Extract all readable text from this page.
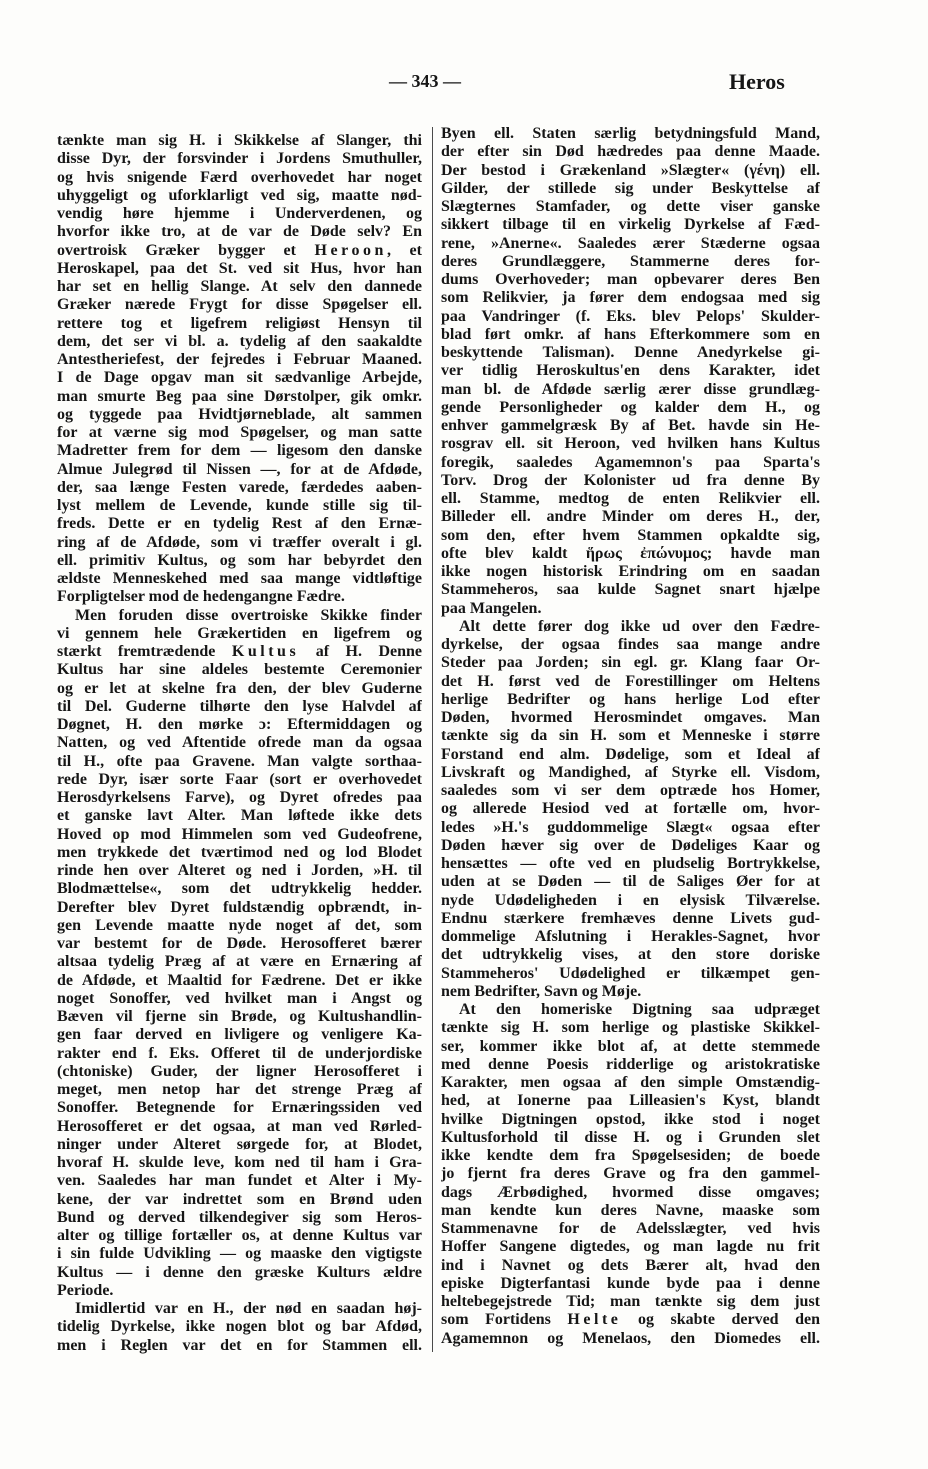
— 343 —	Heros
tænkte man sig H. i Skikkelse af Slanger, thi
disse Dyr, der forsvinder i Jordens Smuthuller,
og hvis snigende Færd overhovedet har noget
uhyggeligt og uforklarligt ved sig, maatte nød-
vendig høre hjemme i Underverdenen, og
hvorfor ikke tro, at de var de Døde selv? En
overtroisk Græker bygger et Heroon, et
Heroskapel, paa det St. ved sit Hus, hvor han
har set en hellig Slange. At selv den dannede
Græker nærede Frygt for disse Spøgelser ell.
rettere tog et ligefrem religiøst Hensyn til
dem, det ser vi bl. a. tydelig af den saakaldte
Antestheriefest, der fejredes i Februar Maaned.
I de Dage opgav man sit sædvanlige Arbejde,
man smurte Beg paa sine Dørstolper, gik omkr.
og tyggede paa Hvidtjørneblade, alt sammen
for at værne sig mod Spøgelser, og man satte
Madretter frem for dem — ligesom den danske
Almue Julegrød til Nissen —, for at de Afdøde,
der, saa længe Festen varede, færdedes aaben-
lyst mellem de Levende, kunde stille sig til-
freds. Dette er en tydelig Rest af den Ernæ-
ring af de Afdøde, som vi træffer overalt i gl.
ell. primitiv Kultus, og som har bebyrdet den
ældste Menneskehed med saa mange vidtløftige
Forpligtelser mod de hedengangne Fædre.
Men foruden disse overtroiske Skikke finder
vi gennem hele Grækertiden en ligefrem og
stærkt fremtrædende Kultus af H. Denne
Kultus har sine aldeles bestemte Ceremonier
og er let at skelne fra den, der blev Guderne
til Del. Guderne tilhørte den lyse Halvdel af
Døgnet, H. den mørke ɔ: Eftermiddagen og
Natten, og ved Aftentide ofrede man da ogsaa
til H., ofte paa Gravene. Man valgte sorthaa-
rede Dyr, især sorte Faar (sort er overhovedet
Herosdyrkelsens Farve), og Dyret ofredes paa
et ganske lavt Alter. Man løftede ikke dets
Hoved op mod Himmelen som ved Gudeofrene,
men trykkede det tværtimod ned og lod Blodet
rinde hen over Alteret og ned i Jorden, »H. til
Blodmættelse«, som det udtrykkelig hedder.
Derefter blev Dyret fuldstændig opbrændt, in-
gen Levende maatte nyde noget af det, som
var bestemt for de Døde. Herosofferet bærer
altsaa tydelig Præg af at være en Ernæring af
de Afdøde, et Maaltid for Fædrene. Det er ikke
noget Sonoffer, ved hvilket man i Angst og
Bæven vil fjerne sin Brøde, og Kultushandlin-
gen faar derved en livligere og venligere Ka-
rakter end f. Eks. Offeret til de underjordiske
(chtoniske) Guder, der ligner Herosofferet i
meget, men netop har det strenge Præg af
Sonoffer. Betegnende for Ernæringssiden ved
Herosofferet er det ogsaa, at man ved Rørled-
ninger under Alteret sørgede for, at Blodet,
hvoraf H. skulde leve, kom ned til ham i Gra-
ven. Saaledes har man fundet et Alter i My-
kene, der var indrettet som en Brønd uden
Bund og derved tilkendegiver sig som Heros-
alter og tillige fortæller os, at denne Kultus var
i sin fulde Udvikling — og maaske den vigtigste
Kultus — i denne den græske Kulturs ældre
Periode.
Imidlertid var en H., der nød en saadan høj-
tidelig Dyrkelse, ikke nogen blot og bar Afdød,
men i Reglen var det en for Stammen ell.
Byen ell. Staten særlig betydningsfuld Mand,
der efter sin Død hædredes paa denne Maade.
Der bestod i Grækenland »Slægter« (γένη) ell.
Gilder, der stillede sig under Beskyttelse af
Slægternes Stamfader, og dette viser ganske
sikkert tilbage til en virkelig Dyrkelse af Fæd-
rene, »Anerne«. Saaledes ærer Stæderne ogsaa
deres Grundlæggere, Stammerne deres for-
dums Overhoveder; man opbevarer deres Ben
som Relikvier, ja fører dem endogsaa med sig
paa Vandringer (f. Eks. blev Pelops' Skulder-
blad ført omkr. af hans Efterkommere som en
beskyttende Talisman). Denne Anedyrkelse gi-
ver tidlig Heroskultus'en dens Karakter, idet
man bl. de Afdøde særlig ærer disse grundlæg-
gende Personligheder og kalder dem H., og
enhver gammelgræsk By af Bet. havde sin He-
rosgrav ell. sit Heroon, ved hvilken hans Kultus
foregik, saaledes Agamemnon's paa Sparta's
Torv. Drog der Kolonister ud fra denne By
ell. Stamme, medtog de enten Relikvier ell.
Billeder ell. andre Minder om deres H., der,
som den, efter hvem Stammen opkaldte sig,
ofte blev kaldt ἥρως ἐπώνυμος; havde man
ikke nogen historisk Erindring om en saadan
Stammeheros, saa kulde Sagnet snart hjælpe
paa Mangelen.
Alt dette fører dog ikke ud over den Fædre-
dyrkelse, der ogsaa findes saa mange andre
Steder paa Jorden; sin egl. gr. Klang faar Or-
det H. først ved de Forestillinger om Heltens
herlige Bedrifter og hans herlige Lod efter
Døden, hvormed Herosmindet omgaves. Man
tænkte sig da sin H. som et Menneske i større
Forstand end alm. Dødelige, som et Ideal af
Livskraft og Mandighed, af Styrke ell. Visdom,
saaledes som vi ser dem optræde hos Homer,
og allerede Hesiod ved at fortælle om, hvor-
ledes »H.'s guddommelige Slægt« ogsaa efter
Døden hæver sig over de Dødeliges Kaar og
hensættes — ofte ved en pludselig Bortrykkelse,
uden at se Døden — til de Saliges Øer for at
nyde Udødeligheden i en elysisk Tilværelse.
Endnu stærkere fremhæves denne Livets gud-
dommelige Afslutning i Herakles-Sagnet, hvor
det udtrykkelig vises, at den store doriske
Stammeheros' Udødelighed er tilkæmpet gen-
nem Bedrifter, Savn og Møje.
At den homeriske Digtning saa udpræget
tænkte sig H. som herlige og plastiske Skikkel-
ser, kommer ikke blot af, at dette stemmede
med denne Poesis ridderlige og aristokratiske
Karakter, men ogsaa af den simple Omstændig-
hed, at Ionerne paa Lilleasien's Kyst, blandt
hvilke Digtningen opstod, ikke stod i noget
Kultusforhold til disse H. og i Grunden slet
ikke kendte dem fra Spøgelsesiden; de boede
jo fjernt fra deres Grave og fra den gammel-
dags Ærbødighed, hvormed disse omgaves;
man kendte kun deres Navne, maaske som
Stammenavne for de Adelsslægter, ved hvis
Hoffer Sangene digtedes, og man lagde nu frit
ind i Navnet og dets Bærer alt, hvad den
episke Digterfantasi kunde byde paa i denne
heltebegejstrede Tid; man tænkte sig dem just
som Fortidens Helte og skabte derved den
Agamemnon og Menelaos, den Diomedes ell.
